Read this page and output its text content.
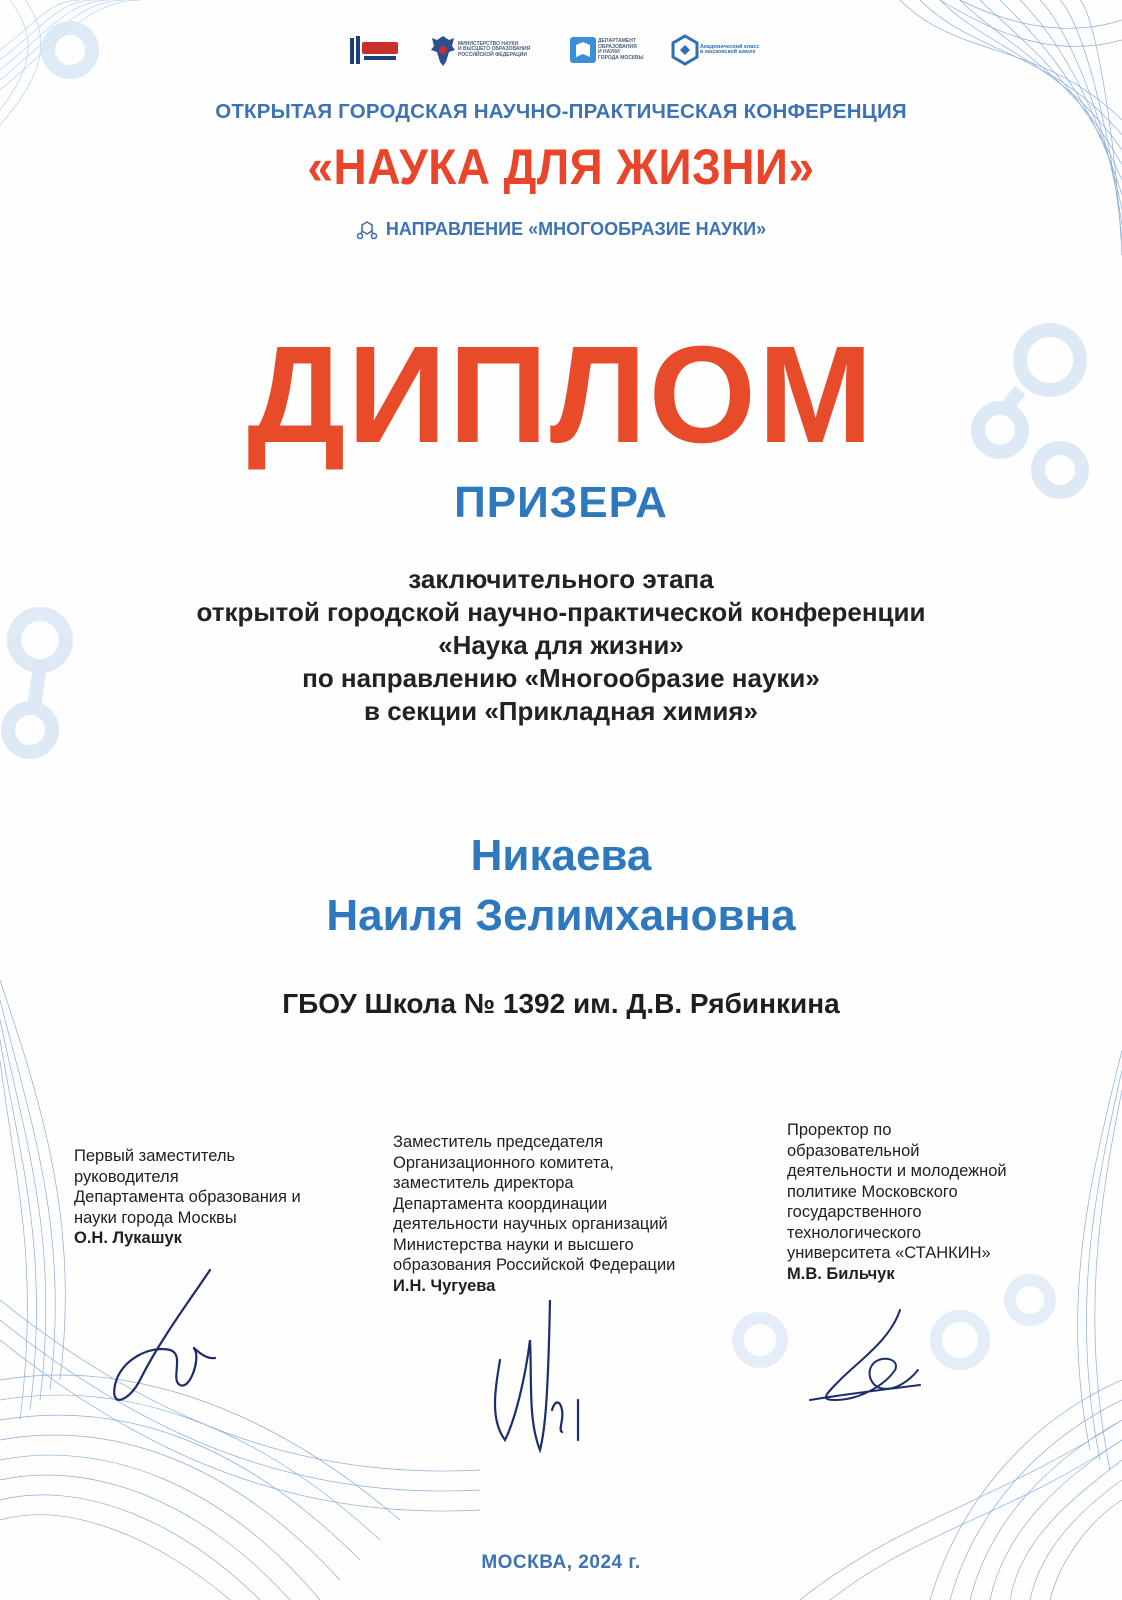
МИНИСТЕРСТВО НАУКИ
И ВЫСШЕГО ОБРАЗОВАНИЯ
РОССИЙСКОЙ ФЕДЕРАЦИИ
ДЕПАРТАМЕНТ
ОБРАЗОВАНИЯ
И НАУКИ
ГОРОДА МОСКВЫ
Академический класс
в московской школе
ОТКРЫТАЯ ГОРОДСКАЯ НАУЧНО-ПРАКТИЧЕСКАЯ КОНФЕРЕНЦИЯ
«НАУКА ДЛЯ ЖИЗНИ»
НАПРАВЛЕНИЕ «МНОГООБРАЗИЕ НАУКИ»
ДИПЛОМ
ПРИЗЕРА
заключительного этапа
открытой городской научно-практической конференции
«Наука для жизни»
по направлению «Многообразие науки»
в секции «Прикладная химия»
Никаева
Наиля Зелимхановна
ГБОУ Школа № 1392 им. Д.В. Рябинкина
Первый заместитель
руководителя
Департамента образования и
науки города Москвы
О.Н. Лукашук
Заместитель председателя
Организационного комитета,
заместитель директора
Департамента координации
деятельности научных организаций
Министерства науки и высшего
образования Российской Федерации
И.Н. Чугуева
Проректор по
образовательной
деятельности и молодежной
политике Московского
государственного
технологического
университета «СТАНКИН»
М.В. Бильчук
МОСКВА, 2024 г.
